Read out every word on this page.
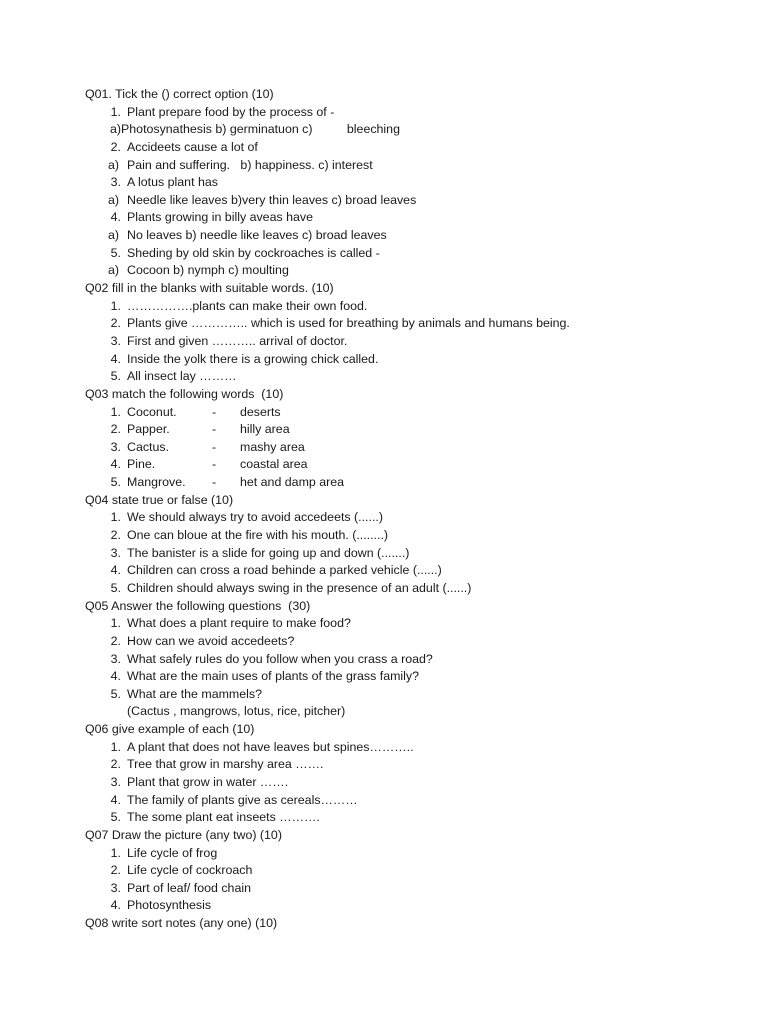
Q01. Tick the () correct option (10)
1. Plant prepare food by the process of -
a)Photosynathesis b) germinatuon c)          bleeching
2. Accideets cause a lot of
a) Pain and suffering.   b) happiness. c) interest
3. A lotus plant has
a) Needle like leaves b)very thin leaves c) broad leaves
4. Plants growing in billy aveas have
a) No leaves b) needle like leaves c) broad leaves
5. Sheding by old skin by cockroaches is called -
a) Cocoon b) nymph c) moulting
Q02 fill in the blanks with suitable words. (10)
1. …………….plants can make their own food.
2. Plants give ………….. which is used for breathing by animals and humans being.
3. First and given ……….. arrival of doctor.
4. Inside the yolk there is a growing chick called.
5. All insect lay ………
Q03 match the following words  (10)
1. Coconut.	- deserts
2. Papper.	- hilly area
3. Cactus.	- mashy area
4. Pine.	- coastal area
5. Mangrove. - het and damp area
Q04 state true or false (10)
1. We should always try to avoid accedeets (......)
2. One can bloue at the fire with his mouth. (........)
3. The banister is a slide for going up and down (.......)
4. Children can cross a road behinde a parked vehicle (......)
5. Children should always swing in the presence of an adult (......)
Q05 Answer the following questions  (30)
1. What does a plant require to make food?
2. How can we avoid accedeets?
3. What safely rules do you follow when you crass a road?
4. What are the main uses of plants of the grass family?
5. What are the mammels?
(Cactus , mangrows, lotus, rice, pitcher)
Q06 give example of each (10)
1. A plant that does not have leaves but spines………..
2. Tree that grow in marshy area …….
3. Plant that grow in water …….
4. The family of plants give as cereals………
5. The some plant eat inseets ……….
Q07 Draw the picture (any two) (10)
1. Life cycle of frog
2. Life cycle of cockroach
3. Part of leaf/ food chain
4. Photosynthesis
Q08 write sort notes (any one) (10)
